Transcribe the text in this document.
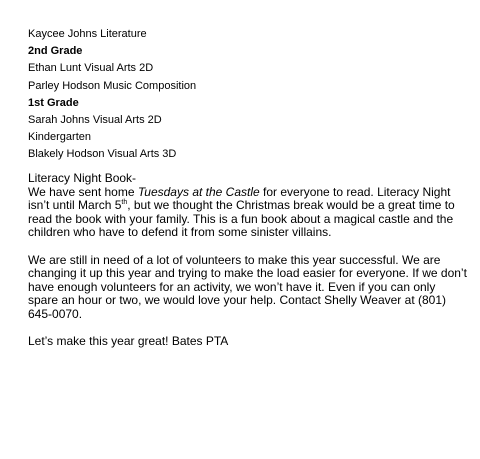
Kaycee Johns Literature
2nd Grade
Ethan Lunt Visual Arts 2D
Parley Hodson Music Composition
1st Grade
Sarah Johns Visual Arts 2D
Kindergarten
Blakely Hodson Visual Arts 3D
Literacy Night Book-
We have sent home Tuesdays at the Castle for everyone to read. Literacy Night isn’t until March 5th, but we thought the Christmas break would be a great time to read the book with your family. This is a fun book about a magical castle and the children who have to defend it from some sinister villains.
We are still in need of a lot of volunteers to make this year successful. We are changing it up this year and trying to make the load easier for everyone. If we don’t have enough volunteers for an activity, we won’t have it. Even if you can only spare an hour or two, we would love your help. Contact Shelly Weaver at (801) 645-0070.
Let’s make this year great! Bates PTA
